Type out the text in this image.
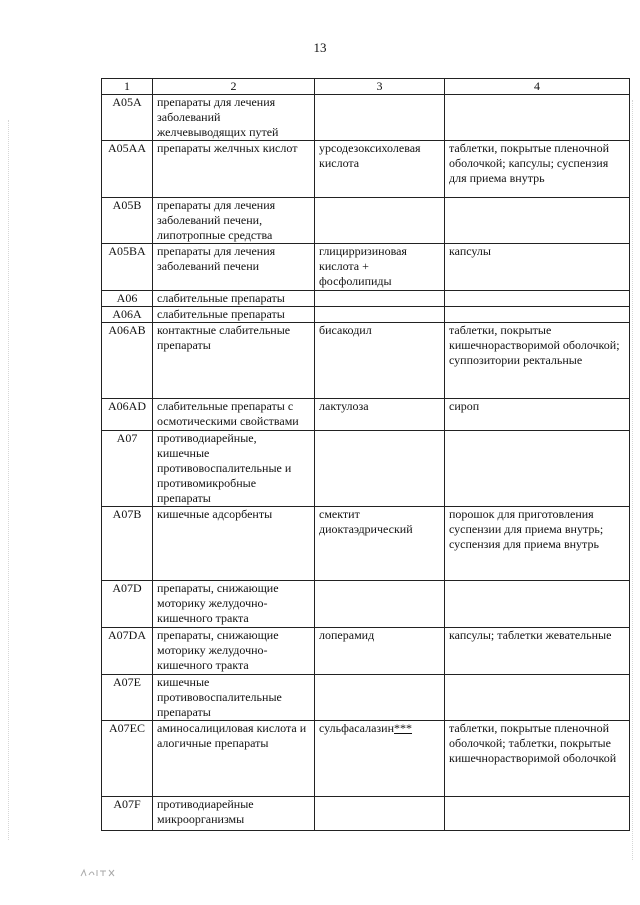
13
1	2	3	4
A05A	препараты для лечения заболеваний желчевыводящих путей		
A05AA	препараты желчных кислот	урсодезоксихолевая кислота	таблетки, покрытые пленочной оболочкой; капсулы; суспензия для приема внутрь
A05B	препараты для лечения заболеваний печени, липотропные средства		
A05BA	препараты для лечения заболеваний печени	глицирризиновая кислота + фосфолипиды	капсулы
A06	слабительные препараты		
A06A	слабительные препараты		
A06AB	контактные слабительные препараты	бисакодил	таблетки, покрытые кишечнорастворимой оболочкой; суппозитории ректальные
A06AD	слабительные препараты с осмотическими свойствами	лактулоза	сироп
A07	противодиарейные, кишечные противовоспалительные и противомикробные препараты		
A07B	кишечные адсорбенты	смектит диоктаэдрический	порошок для приготовления суспензии для приема внутрь; суспензия для приема внутрь
A07D	препараты, снижающие моторику желудочно-кишечного тракта		
A07DA	препараты, снижающие моторику желудочно-кишечного тракта	лоперамид	капсулы; таблетки жевательные
A07E	кишечные противовоспалительные препараты		
A07EC	аминосалициловая кислота и алогичные препараты	сульфасалазин***	таблетки, покрытые пленочной оболочкой; таблетки, покрытые кишечнорастворимой оболочкой
A07F	противодиарейные микроорганизмы		
